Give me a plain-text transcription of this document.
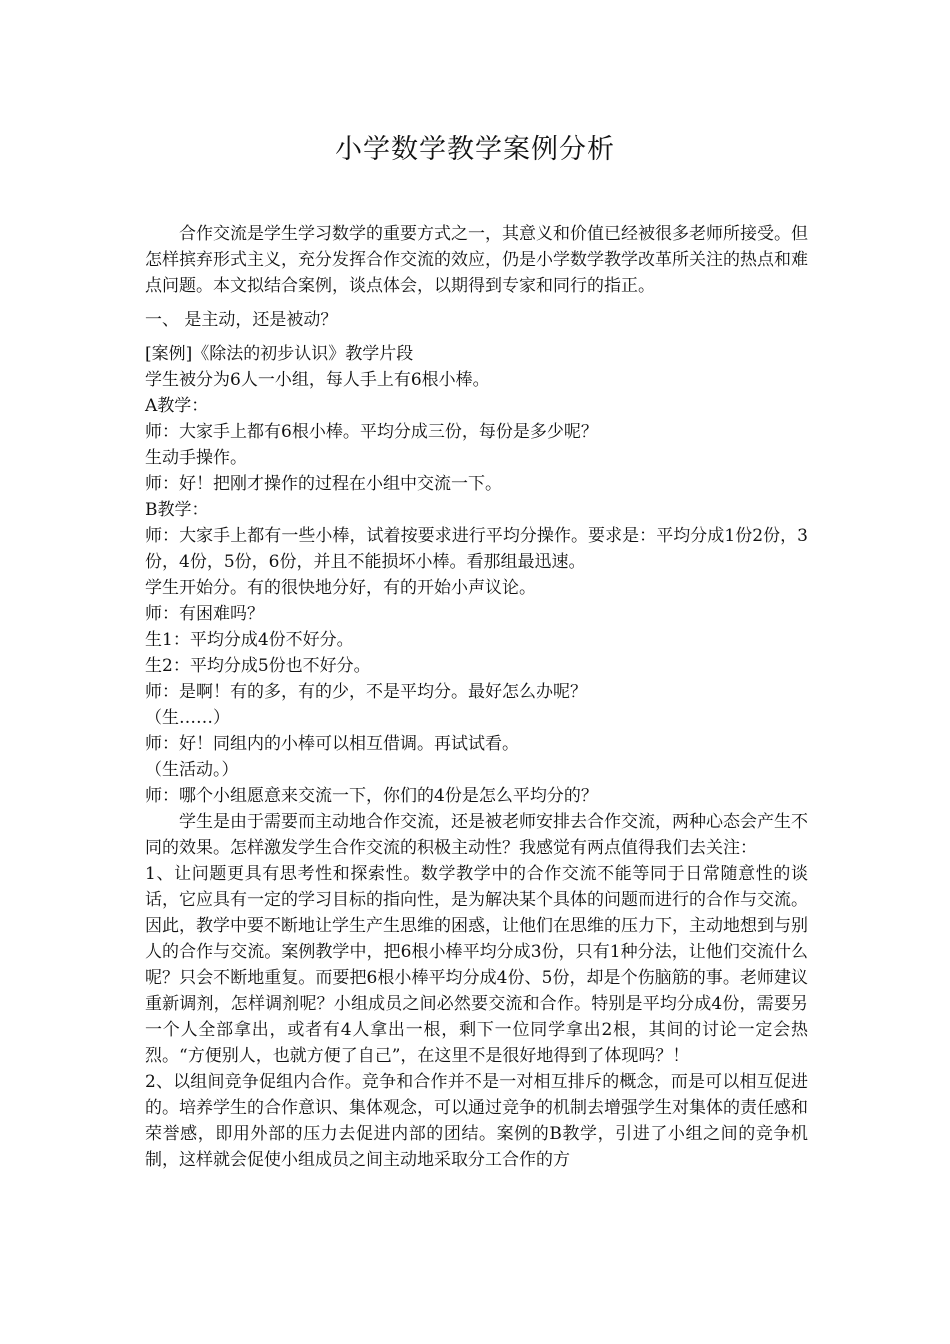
小学数学教学案例分析

合作交流是学生学习数学的重要方式之一，其意义和价值已经被很多老师所接受。但怎样摈弃形式主义，充分发挥合作交流的效应，仍是小学数学教学改革所关注的热点和难点问题。本文拟结合案例，谈点体会，以期得到专家和同行的指正。

一、 是主动，还是被动？

[案例]《除法的初步认识》教学片段

学生被分为6人一小组，每人手上有6根小棒。

A教学：

师：大家手上都有6根小棒。平均分成三份，每份是多少呢？

生动手操作。

师：好！把刚才操作的过程在小组中交流一下。

B教学：

师：大家手上都有一些小棒，试着按要求进行平均分操作。要求是：平均分成1份2份，3份，4份，5份，6份，并且不能损坏小棒。看那组最迅速。

学生开始分。有的很快地分好，有的开始小声议论。

师：有困难吗？

生1：平均分成4份不好分。

生2：平均分成5份也不好分。

师：是啊！有的多，有的少，不是平均分。最好怎么办呢？

（生……）

师：好！同组内的小棒可以相互借调。再试试看。

（生活动。）

师：哪个小组愿意来交流一下，你们的4份是怎么平均分的？

学生是由于需要而主动地合作交流，还是被老师安排去合作交流，两种心态会产生不同的效果。怎样激发学生合作交流的积极主动性？我感觉有两点值得我们去关注：

1、让问题更具有思考性和探索性。数学教学中的合作交流不能等同于日常随意性的谈话，它应具有一定的学习目标的指向性，是为解决某个具体的问题而进行的合作与交流。因此，教学中要不断地让学生产生思维的困惑，让他们在思维的压力下，主动地想到与别人的合作与交流。案例教学中，把6根小棒平均分成3份，只有1种分法，让他们交流什么呢？只会不断地重复。而要把6根小棒平均分成4份、5份，却是个伤脑筋的事。老师建议重新调剂，怎样调剂呢？小组成员之间必然要交流和合作。特别是平均分成4份，需要另一个人全部拿出，或者有4人拿出一根，剩下一位同学拿出2根，其间的讨论一定会热烈。“方便别人，也就方便了自己”，在这里不是很好地得到了体现吗？！

2、以组间竞争促组内合作。竞争和合作并不是一对相互排斥的概念，而是可以相互促进的。培养学生的合作意识、集体观念，可以通过竞争的机制去增强学生对集体的责任感和荣誉感，即用外部的压力去促进内部的团结。案例的B教学，引进了小组之间的竞争机制，这样就会促使小组成员之间主动地采取分工合作的方
